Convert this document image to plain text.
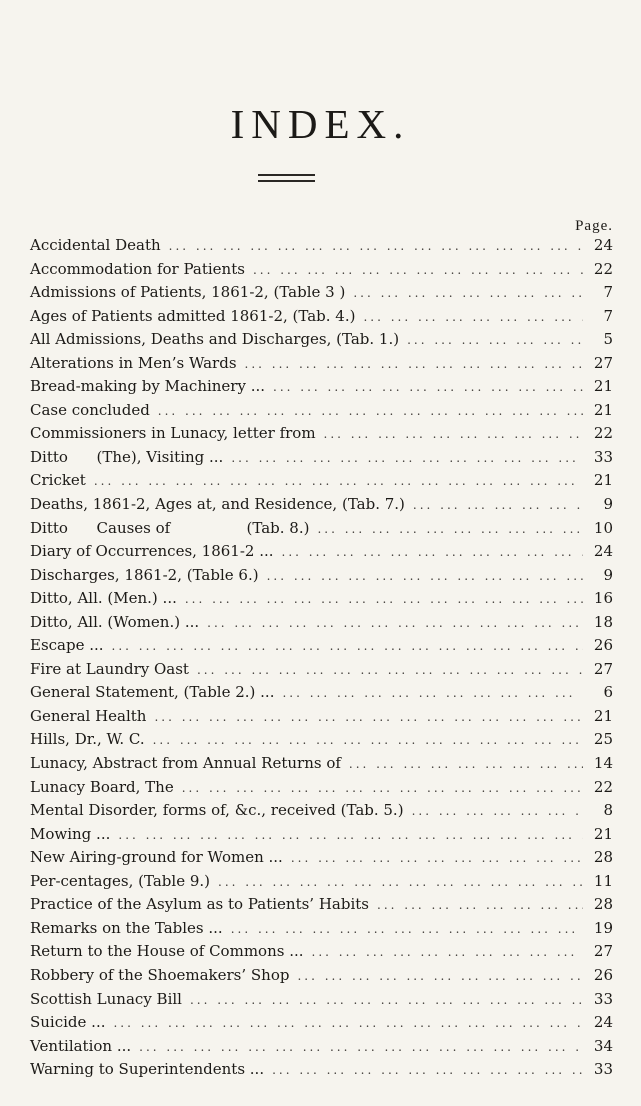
INDEX.
Page.
Accidental Death ... .	24
Accommodation for Patients ... .	22
Admissions of Patients, 1861-2, (Table 3 ) ... .	7
Ages of Patients admitted 1861-2, (Tab. 4.) ... .	7
All Admissions, Deaths and Discharges, (Tab. 1.) ... .	5
Alterations in Men’s Wards ... .	27
Bread-making by Machinery ... ... .	21
Case concluded ... .	21
Commissioners in Lunacy, letter from ... .	22
Ditto      (The), Visiting ... ... .	33
Cricket ... .	21
Deaths, 1861-2, Ages at, and Residence, (Tab. 7.) ... .	9
Ditto      Causes of                (Tab. 8.) ... .	10
Diary of Occurrences, 1861-2 ... ... .	24
Discharges, 1861-2, (Table 6.) ... .	9
Ditto, All. (Men.) ... ... .	16
Ditto, All. (Women.) ... ... .	18
Escape ... ... .	26
Fire at Laundry Oast ... .	27
General Statement, (Table 2.) ... ... .	6
General Health ... .	21
Hills, Dr., W. C. ... .	25
Lunacy, Abstract from Annual Returns of ... .	14
Lunacy Board, The ... .	22
Mental Disorder, forms of, &c., received (Tab. 5.) ... .	8
Mowing ... ... .	21
New Airing-ground for Women ... ... .	28
Per-centages, (Table 9.) ... .	11
Practice of the Asylum as to Patients’ Habits ... .	28
Remarks on the Tables ... ... .	19
Return to the House of Commons ... ... .	27
Robbery of the Shoemakers’ Shop ... .	26
Scottish Lunacy Bill ... .	33
Suicide ... ... .	24
Ventilation ... ... .	34
Warning to Superintendents ... ... .	33
